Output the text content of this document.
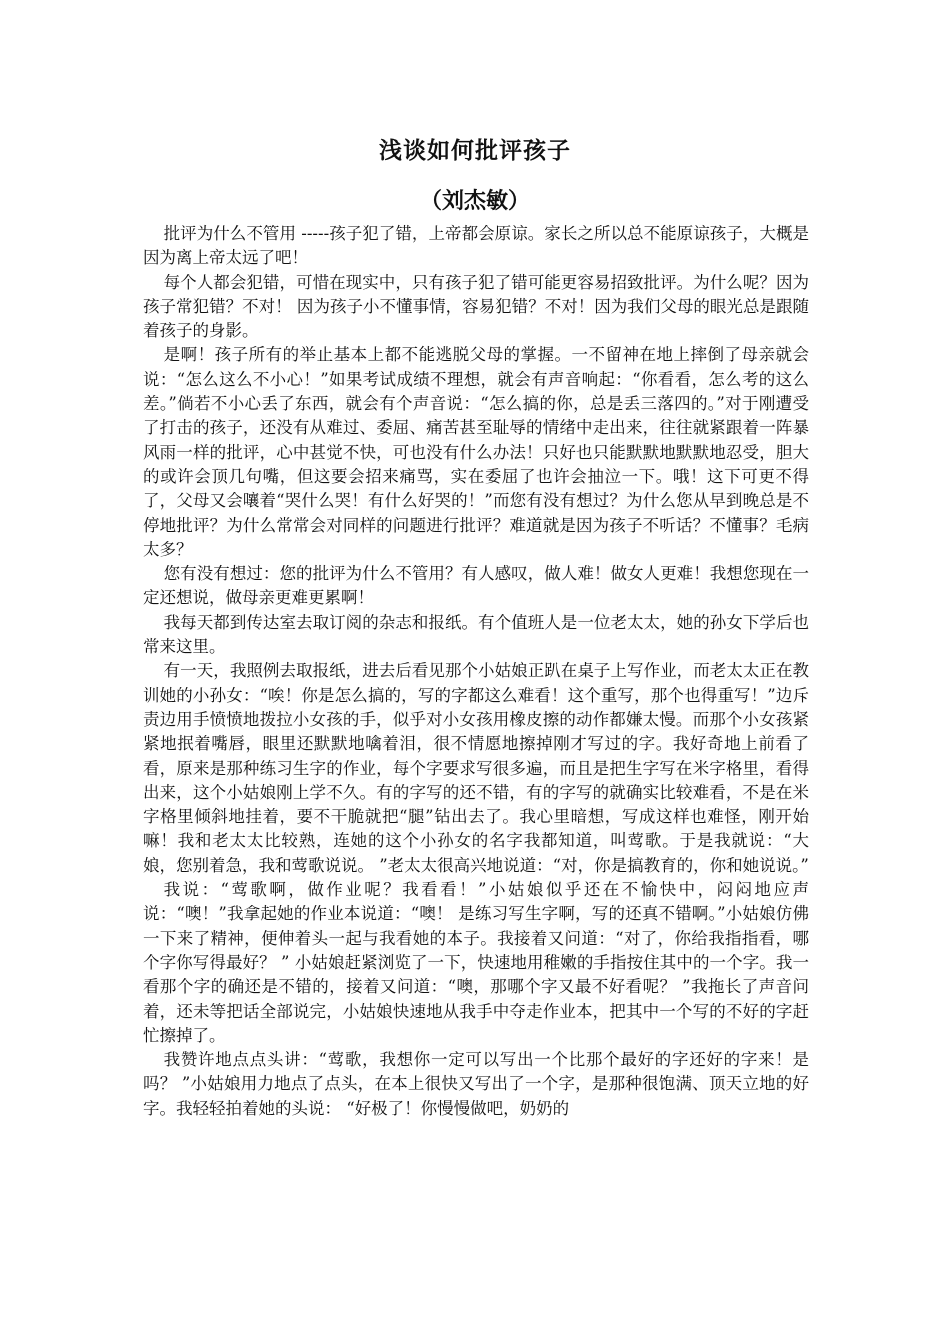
浅谈如何批评孩子
（刘杰敏）

批评为什么不管用 -----孩子犯了错，上帝都会原谅。家长之所以总不能原谅孩子，大概是因为离上帝太远了吧！

每个人都会犯错，可惜在现实中，只有孩子犯了错可能更容易招致批评。为什么呢？因为孩子常犯错？不对！ 因为孩子小不懂事情，容易犯错？不对！因为我们父母的眼光总是跟随着孩子的身影。

是啊！孩子所有的举止基本上都不能逃脱父母的掌握。一不留神在地上摔倒了母亲就会说：“怎么这么不小心！”如果考试成绩不理想，就会有声音响起：“你看看，怎么考的这么差。”倘若不小心丢了东西，就会有个声音说：“怎么搞的你，总是丢三落四的。”对于刚遭受了打击的孩子，还没有从难过、委屈、痛苦甚至耻辱的情绪中走出来，往往就紧跟着一阵暴风雨一样的批评，心中甚觉不快，可也没有什么办法！只好也只能默默地默默地忍受，胆大的或许会顶几句嘴，但这要会招来痛骂，实在委屈了也许会抽泣一下。哦！这下可更不得了，父母又会嚷着“哭什么哭！有什么好哭的！”而您有没有想过？为什么您从早到晚总是不停地批评？为什么常常会对同样的问题进行批评？难道就是因为孩子不听话？不懂事？毛病太多？

您有没有想过：您的批评为什么不管用？有人感叹，做人难！做女人更难！我想您现在一定还想说，做母亲更难更累啊！

我每天都到传达室去取订阅的杂志和报纸。有个值班人是一位老太太，她的孙女下学后也常来这里。

有一天，我照例去取报纸，进去后看见那个小姑娘正趴在桌子上写作业，而老太太正在教训她的小孙女：“唉！你是怎么搞的，写的字都这么难看！这个重写，那个也得重写！”边斥责边用手愤愤地拨拉小女孩的手，似乎对小女孩用橡皮擦的动作都嫌太慢。而那个小女孩紧紧地抿着嘴唇，眼里还默默地噙着泪，很不情愿地擦掉刚才写过的字。我好奇地上前看了看，原来是那种练习生字的作业，每个字要求写很多遍，而且是把生字写在米字格里，看得出来，这个小姑娘刚上学不久。有的字写的还不错，有的字写的就确实比较难看，不是在米字格里倾斜地挂着，要不干脆就把“腿”钻出去了。我心里暗想，写成这样也难怪，刚开始嘛！我和老太太比较熟，连她的这个小孙女的名字我都知道，叫莺歌。于是我就说：“大娘，您别着急，我和莺歌说说。 ”老太太很高兴地说道：“对，你是搞教育的，你和她说说。”

我说：“莺歌啊，做作业呢？我看看！”小姑娘似乎还在不愉快中，闷闷地应声说：“噢！”我拿起她的作业本说道：“噢！ 是练习写生字啊，写的还真不错啊。”小姑娘仿佛一下来了精神，便伸着头一起与我看她的本子。我接着又问道：“对了，你给我指指看，哪个字你写得最好？ ” 小姑娘赶紧浏览了一下，快速地用稚嫩的手指按住其中的一个字。我一看那个字的确还是不错的，接着又问道：“噢，那哪个字又最不好看呢？ ”我拖长了声音问着，还未等把话全部说完，小姑娘快速地从我手中夺走作业本，把其中一个写的不好的字赶忙擦掉了。

我赞许地点点头讲：“莺歌，我想你一定可以写出一个比那个最好的字还好的字来！是吗？ ”小姑娘用力地点了点头，在本上很快又写出了一个字，是那种很饱满、顶天立地的好字。我轻轻拍着她的头说： “好极了！你慢慢做吧，奶奶的
